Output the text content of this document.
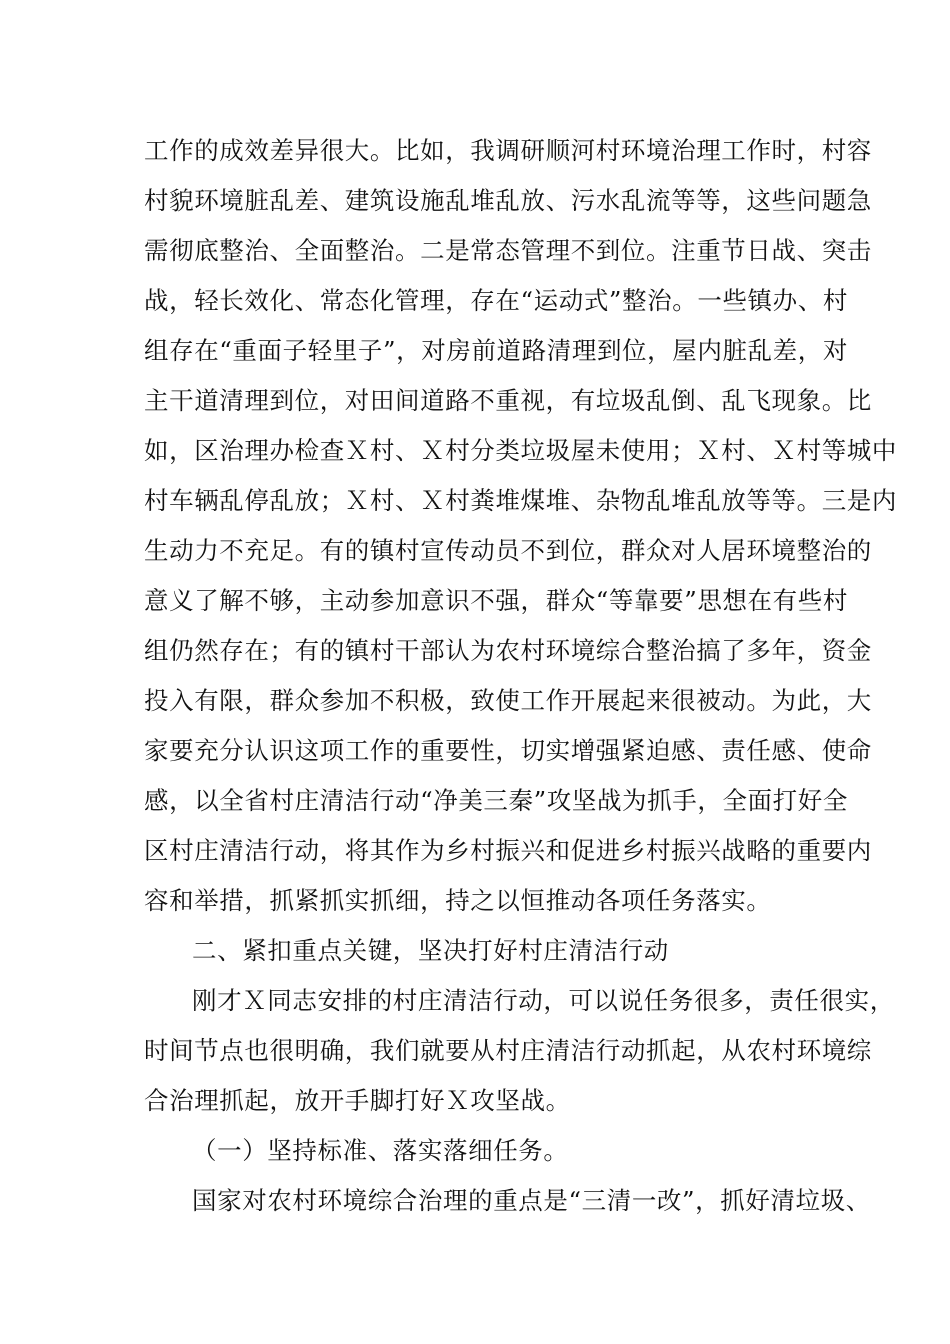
工作的成效差异很大。比如，我调研顺河村环境治理工作时，村容
村貌环境脏乱差、建筑设施乱堆乱放、污水乱流等等，这些问题急
需彻底整治、全面整治。二是常态管理不到位。注重节日战、突击
战，轻长效化、常态化管理，存在“运动式”整治。一些镇办、村
组存在“重面子轻里子”，对房前道路清理到位，屋内脏乱差，对
主干道清理到位，对田间道路不重视，有垃圾乱倒、乱飞现象。比
如，区治理办检查Ｘ村、Ｘ村分类垃圾屋未使用；Ｘ村、Ｘ村等城中
村车辆乱停乱放；Ｘ村、Ｘ村粪堆煤堆、杂物乱堆乱放等等。三是内
生动力不充足。有的镇村宣传动员不到位，群众对人居环境整治的
意义了解不够，主动参加意识不强，群众“等靠要”思想在有些村
组仍然存在；有的镇村干部认为农村环境综合整治搞了多年，资金
投入有限，群众参加不积极，致使工作开展起来很被动。为此，大
家要充分认识这项工作的重要性，切实增强紧迫感、责任感、使命
感，以全省村庄清洁行动“净美三秦”攻坚战为抓手，全面打好全
区村庄清洁行动，将其作为乡村振兴和促进乡村振兴战略的重要内
容和举措，抓紧抓实抓细，持之以恒推动各项任务落实。
二、紧扣重点关键，坚决打好村庄清洁行动
刚才Ｘ同志安排的村庄清洁行动，可以说任务很多，责任很实，
时间节点也很明确，我们就要从村庄清洁行动抓起，从农村环境综
合治理抓起，放开手脚打好Ｘ攻坚战。
（一）坚持标准、落实落细任务。
国家对农村环境综合治理的重点是“三清一改”，抓好清垃圾、
